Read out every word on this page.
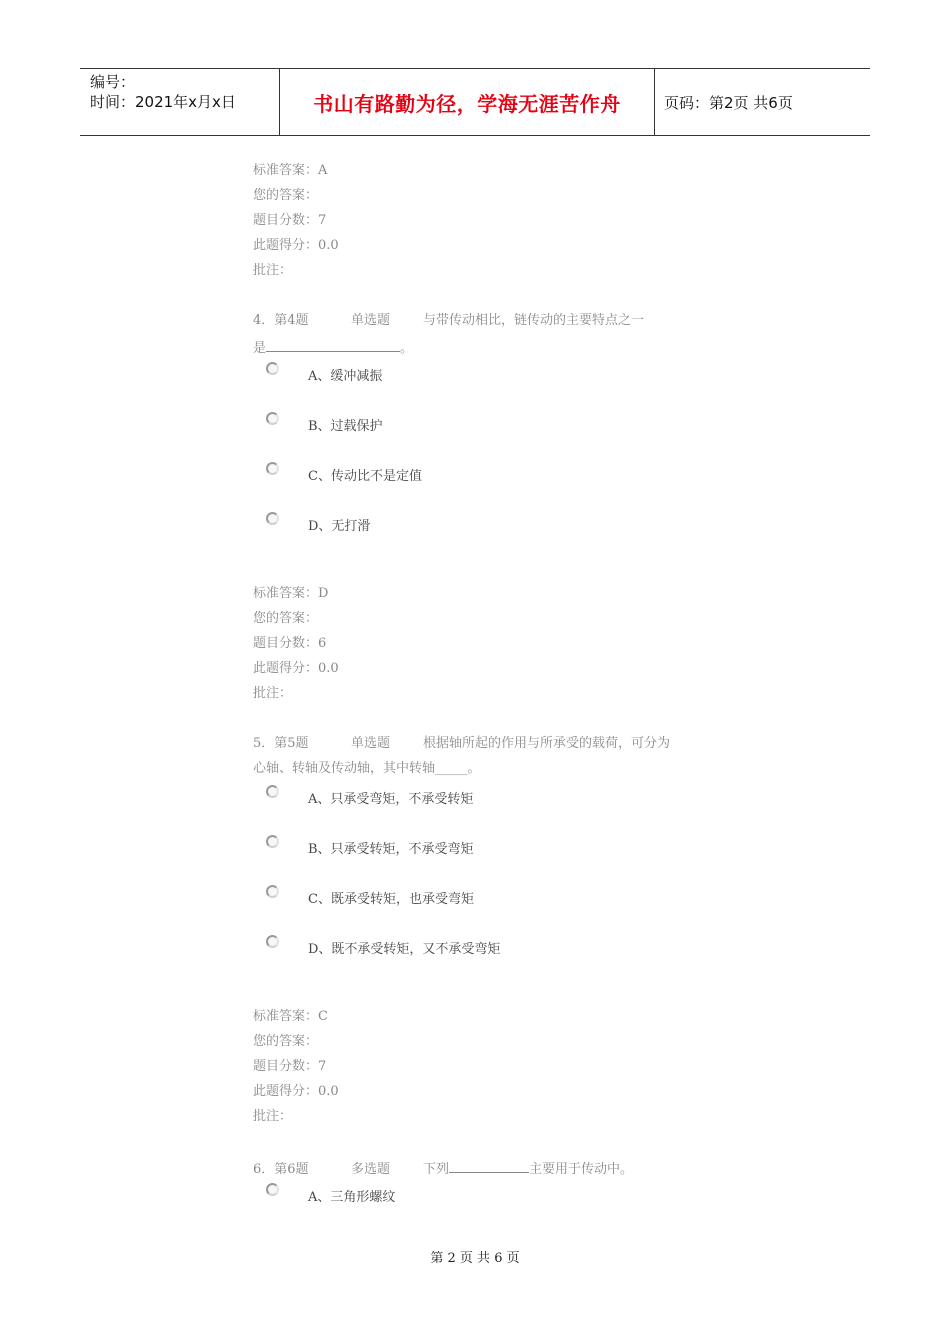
编号：
时间：2021年x月x日	书山有路勤为径，学海无涯苦作舟	页码：第2页 共6页
标准答案：A
您的答案：
题目分数：7
此题得分：0.0
批注：
4．第4题	单选题	与带传动相比，链传动的主要特点之一
是	。
A、缓冲减振
B、过载保护
C、传动比不是定值
D、无打滑
标准答案：D
您的答案：
题目分数：6
此题得分：0.0
批注：
5．第5题	单选题	根据轴所起的作用与所承受的载荷，可分为
心轴、转轴及传动轴，其中转轴_____。
A、只承受弯矩，不承受转矩
B、只承受转矩，不承受弯矩
C、既承受转矩，也承受弯矩
D、既不承受转矩，又不承受弯矩
标准答案：C
您的答案：
题目分数：7
此题得分：0.0
批注：
6．第6题	多选题	下列	主要用于传动中。
A、三角形螺纹
第 2 页 共 6 页
